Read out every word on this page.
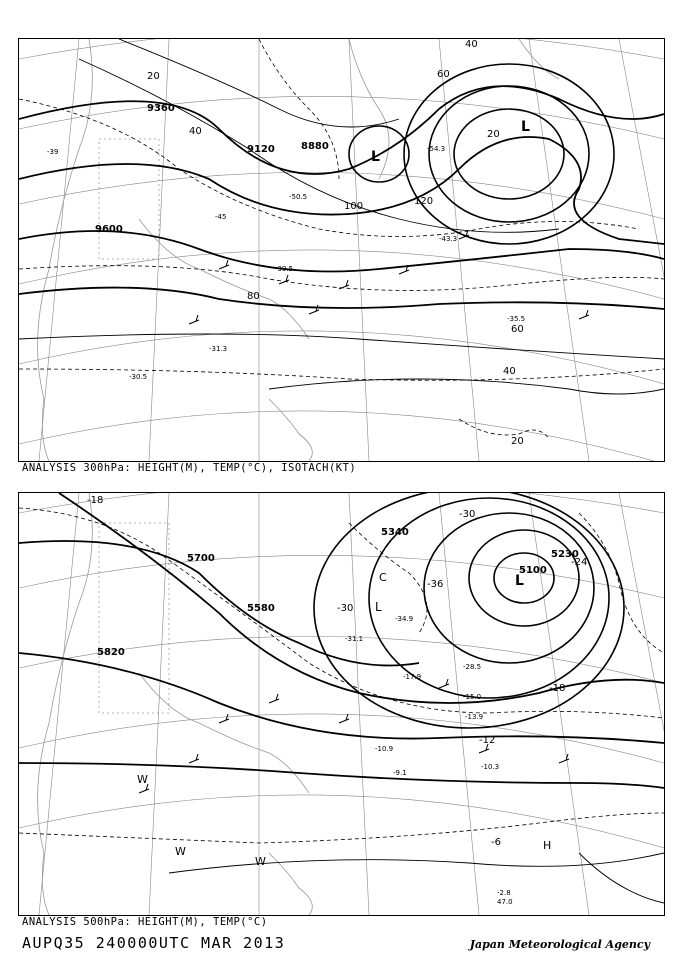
9360
9120	8880
9600
20
40
60
80
100	120
40
20
60
40
20
-54.3
-50.5
-45
-43.3
-39.5
-35.5
-31.3
-30.5
-39	L
L
ANALYSIS 300hPa: HEIGHT(M), TEMP(°C), ISOTACH(KT)
5700
5580
5340
5820
5230
5100
-18
-30
-36
-24
-12
-6
-18
-30
-34.9
-31.1
-28.5
-17.9
-15.0
-13.9
-10.9
-10.3
-9.1
-2.8
47.0
L
L
C
H
W
W
W
ANALYSIS 500hPa: HEIGHT(M), TEMP(°C)
AUPQ35 240000UTC MAR 2013	Japan Meteorological Agency
